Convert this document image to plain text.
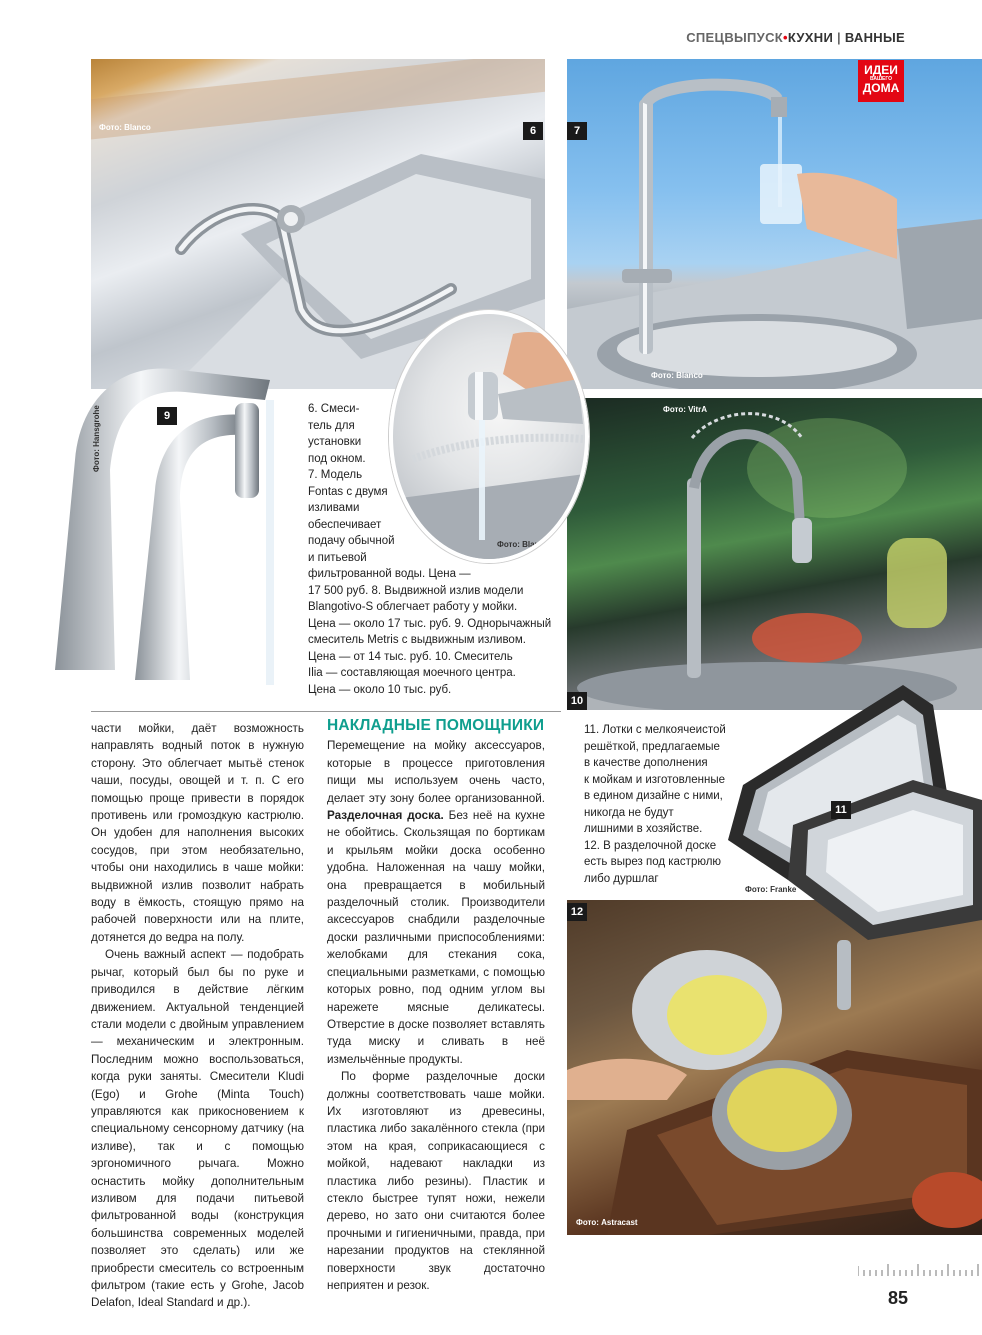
СПЕЦВЫПУСК•КУХНИ | ВАННЫЕ
Фото: Blanco	6	7
Фото: Blanco
ИДЕИ
ВАШЕГО
ДОМА
Фото: VitrA
10
12
Фото: Astracast
Фото: Hansgrohe	9
11
Фото: Franke
8
Фото: Blanco
6. Смеси-
тель для
установки
под окном.
7. Модель
Fontas с двумя
изливами
обеспечивает
подачу обычной
и питьевой
фильтрованной воды. Цена —
17 500 руб. 8. Выдвижной излив модели
Blangotivo-S облегчает работу у мойки.
Цена — около 17 тыс. руб. 9. Однорычажный
смеситель Metris с выдвижным изливом.
Цена — от 14 тыс. руб. 10. Смеситель
Ilia — составляющая моечного центра.
Цена — около 10 тыс. руб.
11. Лотки с мелкоячеистой
решёткой, предлагаемые
в качестве дополнения
к мойкам и изготовленные
в едином дизайне с ними,
никогда не будут
лишними в хозяйстве.
12. В разделочной доске
есть вырез под кастрюлю
либо дуршлаг

части мойки, даёт возможность направлять водный поток в нужную сторону. Это облегчает мытьё стенок чаши, посуды, овощей и т. п. С его помощью проще привести в порядок противень или громоздкую кастрюлю. Он удобен для наполнения высоких сосудов, при этом необязательно, чтобы они находились в чаше мойки: выдвижной излив позволит набрать воду в ёмкость, стоящую прямо на рабочей поверхности или на плите, дотянется до ведра на полу.

Очень важный аспект — подобрать рычаг, который был бы по руке и приводился в действие лёгким движением. Актуальной тенденцией стали модели с двойным управлением — механическим и электронным. Последним можно воспользоваться, когда руки заняты. Смесители Kludi (Ego) и Grohe (Minta Touch) управляются как прикосновением к специальному сенсорному датчику (на изливе), так и с помощью эргономичного рычага. Можно оснастить мойку дополнительным изливом для подачи питьевой фильтрованной воды (конструкция большинства современных моделей позволяет это сделать) или же приобрести смеситель со встроенным фильтром (такие есть у Grohe, Jacob Delafon, Ideal Standard и др.).

НАКЛАДНЫЕ ПОМОЩНИКИ

Перемещение на мойку аксессуаров, которые в процессе приготовления пищи мы используем очень часто, делает эту зону более организованной. Разделочная доска. Без неё на кухне не обойтись. Скользящая по бортикам и крыльям мойки доска особенно удобна. Наложенная на чашу мойки, она превращается в мобильный разделочный столик. Производители аксессуаров снабдили разделочные доски различными приспособлениями: желобками для стекания сока, специальными разметками, с помощью которых ровно, под одним углом вы нарежете мясные деликатесы. Отверстие в доске позволяет вставлять туда миску и сливать в неё измельчённые продукты.

По форме разделочные доски должны соответствовать чаше мойки. Их изготовляют из древесины, пластика либо закалённого стекла (при этом на края, соприкасающиеся с мойкой, надевают накладки из пластика либо резины). Пластик и стекло быстрее тупят ножи, нежели дерево, но зато они считаются более прочными и гигиеничными, правда, при нарезании продуктов на стеклянной поверхности звук достаточно неприятен и резок.

85
